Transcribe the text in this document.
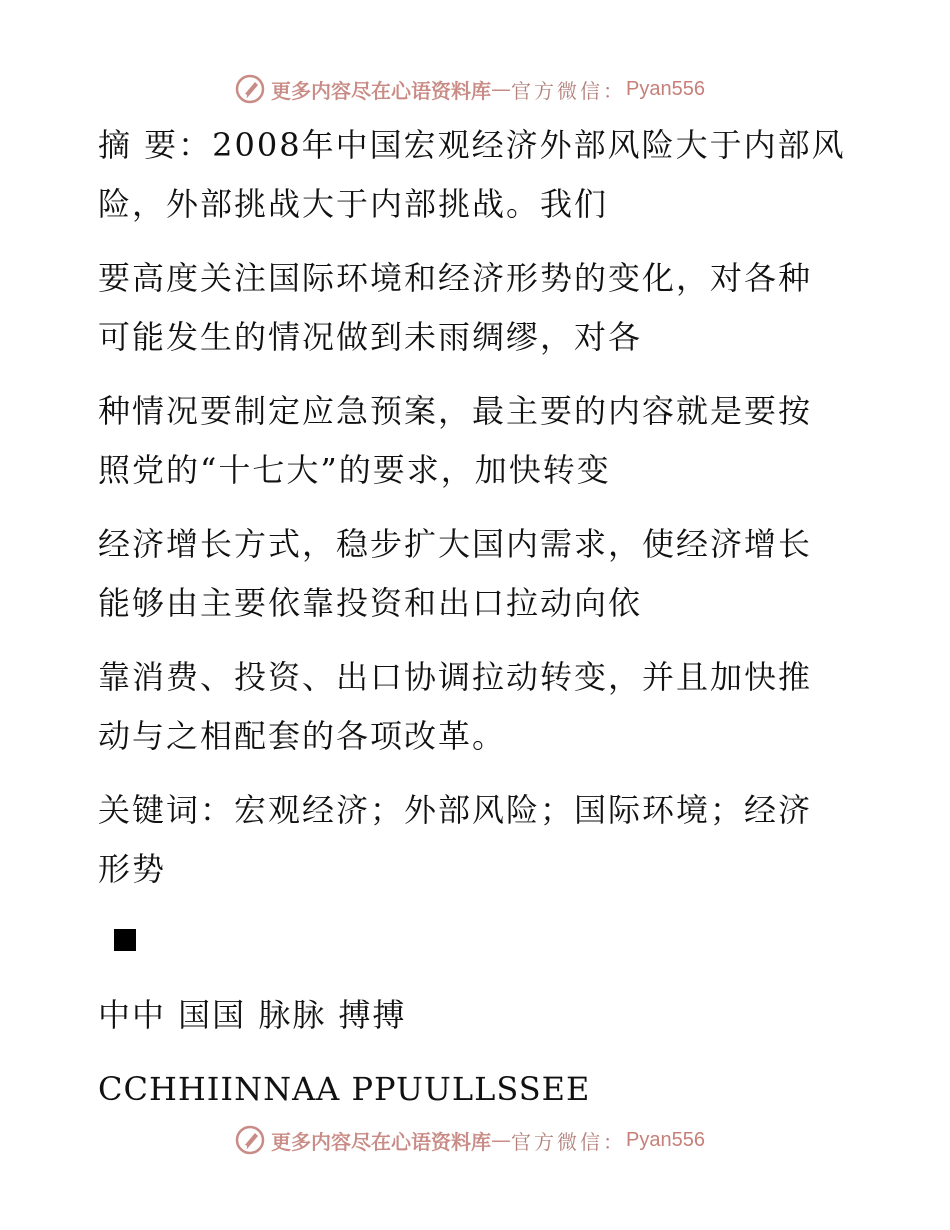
更多内容尽在心语资料库 — 官方微信： Pyan556
摘 要：2008年中国宏观经济外部风险大于内部风
险，外部挑战大于内部挑战。我们
要高度关注国际环境和经济形势的变化，对各种
可能发生的情况做到未雨绸缪，对各
种情况要制定应急预案，最主要的内容就是要按
照党的“十七大”的要求，加快转变
经济增长方式，稳步扩大国内需求，使经济增长
能够由主要依靠投资和出口拉动向依
靠消费、投资、出口协调拉动转变，并且加快推
动与之相配套的各项改革。
关键词：宏观经济；外部风险；国际环境；经济
形势
中中 国国 脉脉 搏搏
CCHHIINNAA PPUULLSSEE
更多内容尽在心语资料库 — 官方微信： Pyan556
